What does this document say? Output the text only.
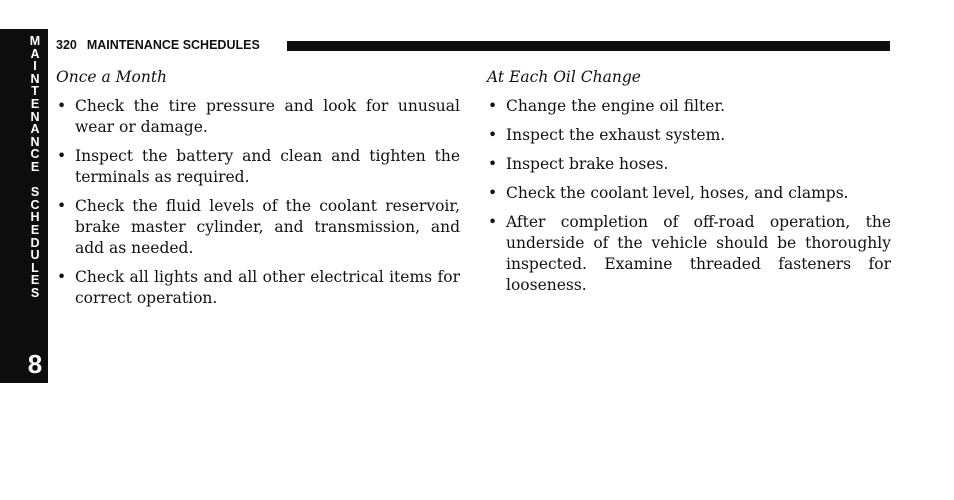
M
A
I
N
T
E
N
A
N
C
E
S
C
H
E
D
U
L
E
S
8
320 MAINTENANCE SCHEDULES
Once a Month
• Check the tire pressure and look for unusual wear or damage.
• Inspect the battery and clean and tighten the terminals as required.
• Check the fluid levels of the coolant reservoir, brake master cylinder, and transmission, and add as needed.
• Check all lights and all other electrical items for correct operation.
At Each Oil Change
• Change the engine oil filter.
• Inspect the exhaust system.
• Inspect brake hoses.
• Check the coolant level, hoses, and clamps.
• After completion of off-road operation, the underside of the vehicle should be thoroughly inspected. Examine threaded fasteners for looseness.
